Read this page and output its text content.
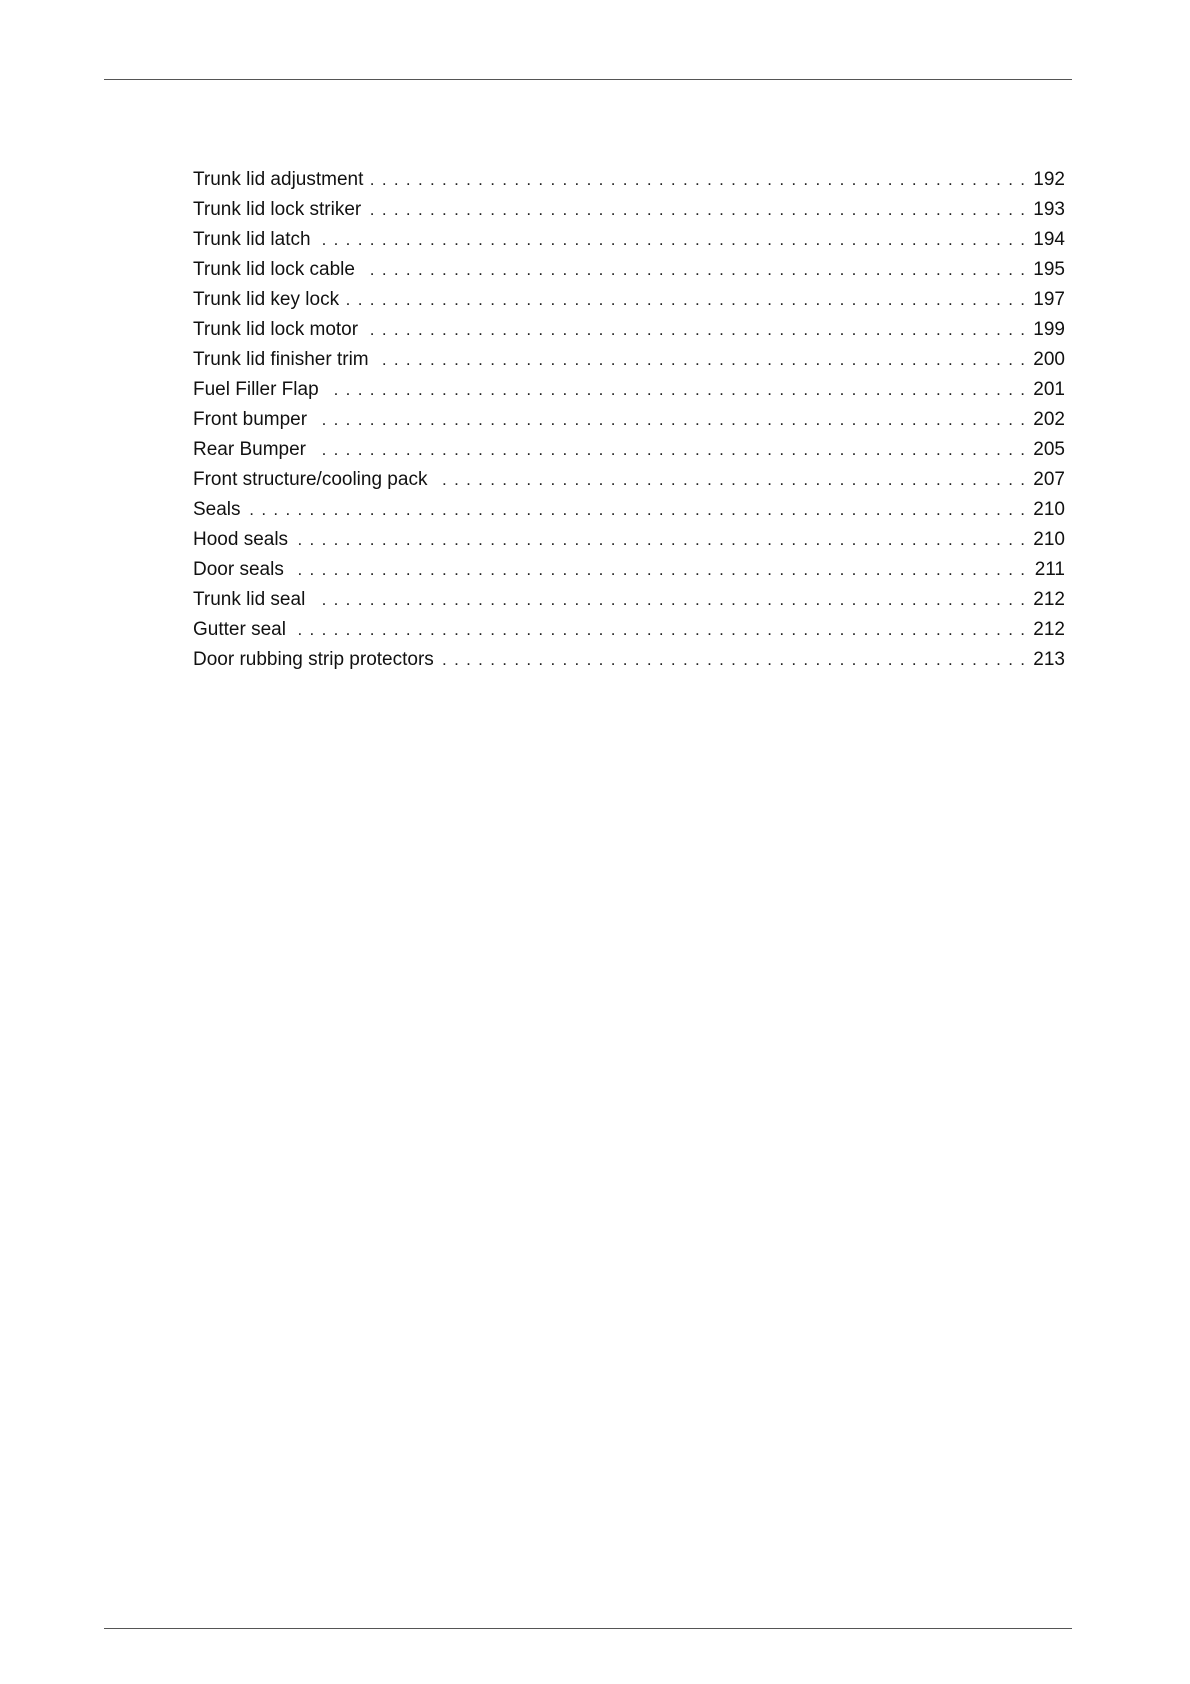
Trunk lid adjustment . . .	192
Trunk lid lock striker . . .	193
Trunk lid latch . . .	194
Trunk lid lock cable . . .	195
Trunk lid key lock . . .	197
Trunk lid lock motor . . .	199
Trunk lid finisher trim . . .	200
Fuel Filler Flap . . .	201
Front bumper . . .	202
Rear Bumper . . .	205
Front structure/cooling pack . . .	207
Seals . . .	210
Hood seals . . .	210
Door seals . . .	211
Trunk lid seal . . .	212
Gutter seal . . .	212
Door rubbing strip protectors . . .	213
